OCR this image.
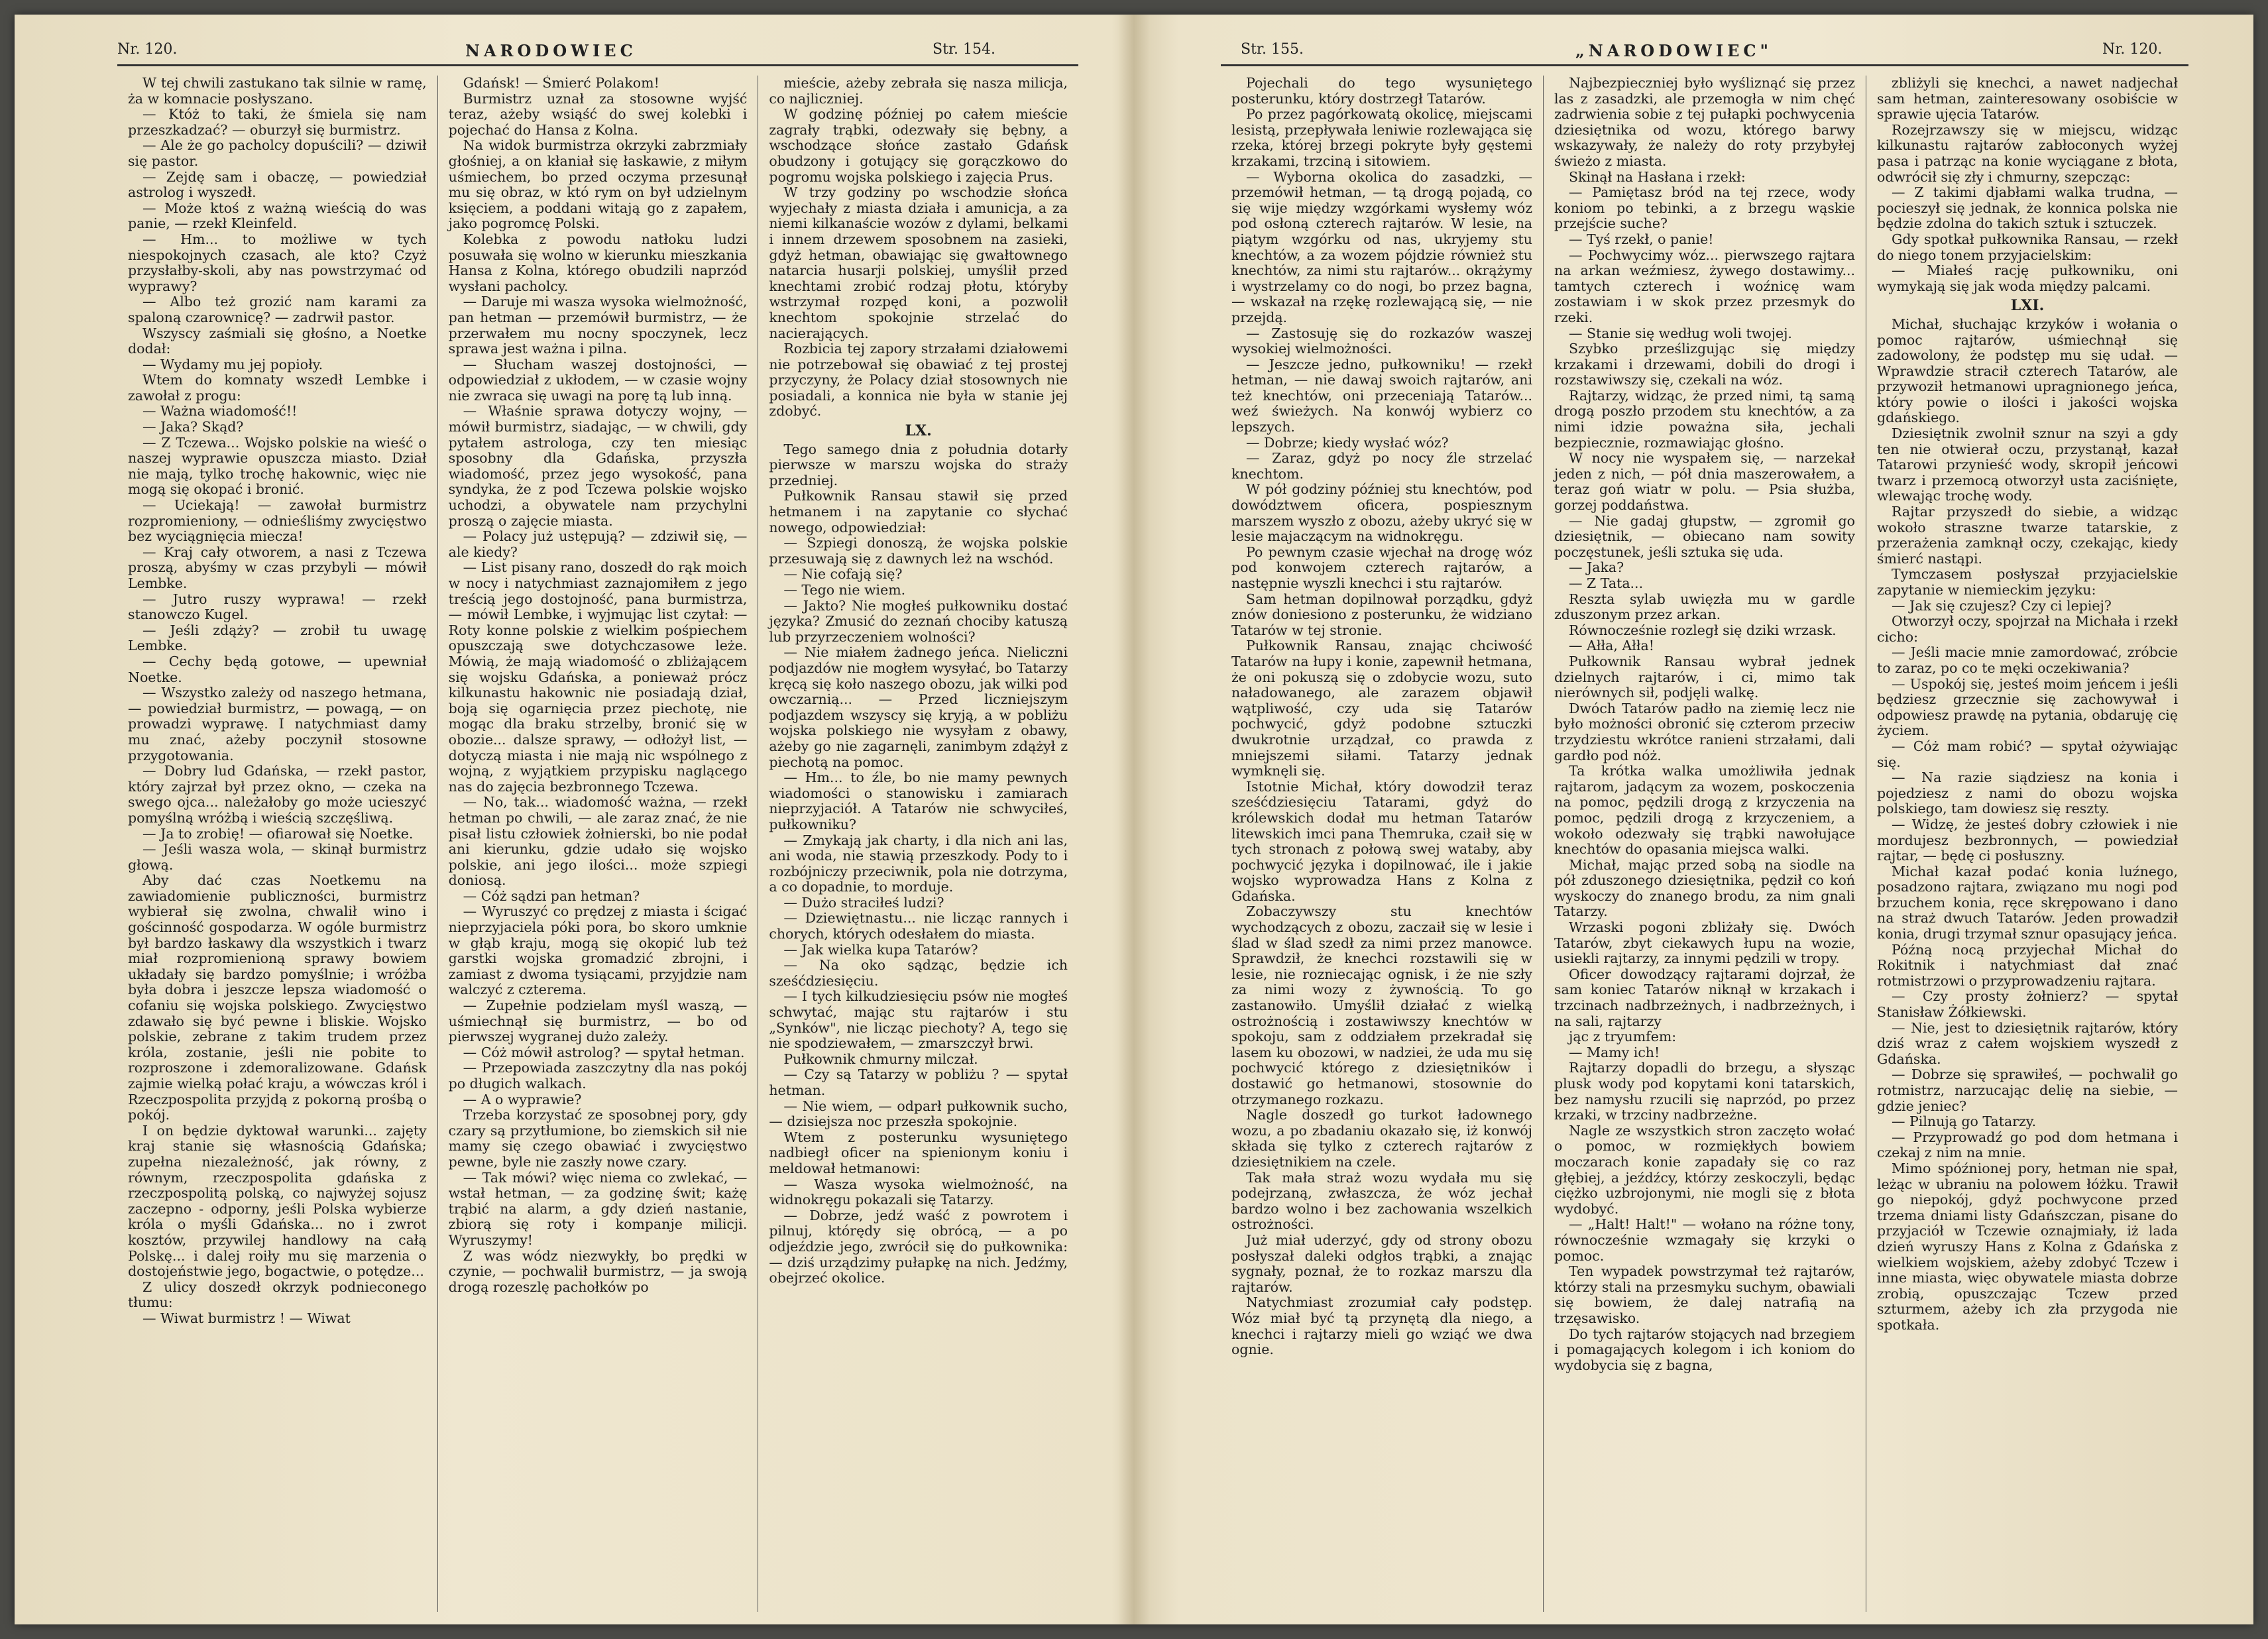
Nr. 120.	NARODOWIEC	Str. 154.

W tej chwili zastukano tak silnie w ramę, ża w komnacie posłyszano.

— Któż to taki, że śmiela się nam przeszkadzać? — oburzył się burmistrz.

— Ale że go pacholcy dopuścili? — dziwił się pastor.

— Zejdę sam i obaczę, — powiedział astrolog i wyszedł.

— Może ktoś z ważną wieścią do was panie, — rzekł Kleinfeld.

— Hm... to możliwe w tych niespokojnych czasach, ale kto? Czyż przysłałby-skoli, aby nas powstrzymać od wyprawy?

— Albo też grozić nam karami za spaloną czarownicę? — zadrwił pastor.

Wszyscy zaśmiali się głośno, a Noetke dodał:

— Wydamy mu jej popioły.

Wtem do komnaty wszedł Lembke i zawołał z progu:

— Ważna wiadomość!!

— Jaka? Skąd?

— Z Tczewa... Wojsko polskie na wieść o naszej wyprawie opuszcza miasto. Dział nie mają, tylko trochę hakownic, więc nie mogą się okopać i bronić.

— Uciekają! — zawołał burmistrz rozpromieniony, — odnieśliśmy zwycięstwo bez wyciągnięcia miecza!

— Kraj cały otworem, a nasi z Tczewa proszą, abyśmy w czas przybyli — mówił Lembke.

— Jutro ruszy wyprawa! — rzekł stanowczo Kugel.

— Jeśli zdąży? — zrobił tu uwagę Lembke.

— Cechy będą gotowe, — upewniał Noetke.

— Wszystko zależy od naszego hetmana, — powiedział burmistrz, — powagą, — on prowadzi wyprawę. I natychmiast damy mu znać, ażeby poczynił stosowne przygotowania.

— Dobry lud Gdańska, — rzekł pastor, który zajrzał był przez okno, — czeka na swego ojca... należałoby go może ucieszyć pomyślną wróżbą i wieścią szczęśliwą.

— Ja to zrobię! — ofiarował się Noetke.

— Jeśli wasza wola, — skinął burmistrz głową.

Aby dać czas Noetkemu na zawiadomienie publiczności, burmistrz wybierał się zwolna, chwalił wino i gościnność gospodarza. W ogóle burmistrz był bardzo łaskawy dla wszystkich i twarz miał rozpromienioną sprawy bowiem układały się bardzo pomyślnie; i wróżba była dobra i jeszcze lepsza wiadomość o cofaniu się wojska polskiego. Zwycięstwo zdawało się być pewne i bliskie. Wojsko polskie, zebrane z takim trudem przez króla, zostanie, jeśli nie pobite to rozproszone i zdemoralizowane. Gdańsk zajmie wielką połać kraju, a wówczas król i Rzeczpospolita przyjdą z pokorną prośbą o pokój.

I on będzie dyktował warunki... zajęty kraj stanie się własnością Gdańska; zupełna niezależność, jak równy, z równym, rzeczpospolita gdańska z rzeczpospolitą polską, co najwyżej sojusz zaczepno - odporny, jeśli Polska wybierze króla o myśli Gdańska... no i zwrot kosztów, przywilej handlowy na całą Polskę... i dalej roiły mu się marzenia o dostojeństwie jego, bogactwie, o potędze...

Z ulicy doszedł okrzyk podnieconego tłumu:

— Wiwat burmistrz ! — Wiwat

Gdańsk! — Śmierć Polakom!

Burmistrz uznał za stosowne wyjść teraz, ażeby wsiąść do swej kolebki i pojechać do Hansa z Kolna.

Na widok burmistrza okrzyki zabrzmiały głośniej, a on kłaniał się łaskawie, z miłym uśmiechem, bo przed oczyma przesunął mu się obraz, w któ rym on był udzielnym księciem, a poddani witają go z zapałem, jako pogromcę Polski.

Kolebka z powodu natłoku ludzi posuwała się wolno w kierunku mieszkania Hansa z Kolna, którego obudzili naprzód wysłani pacholcy.

— Daruje mi wasza wysoka wielmożność, pan hetman — przemówił burmistrz, — że przerwałem mu nocny spoczynek, lecz sprawa jest ważna i pilna.

— Słucham waszej dostojności, — odpowiedział z ukłodem, — w czasie wojny nie zwraca się uwagi na porę tą lub inną.

— Właśnie sprawa dotyczy wojny, — mówił burmistrz, siadając, — w chwili, gdy pytałem astrologa, czy ten miesiąc sposobny dla Gdańska, przyszła wiadomość, przez jego wysokość, pana syndyka, że z pod Tczewa polskie wojsko uchodzi, a obywatele nam przychylni proszą o zajęcie miasta.

— Polacy już ustępują? — zdziwił się, — ale kiedy?

— List pisany rano, doszedł do rąk moich w nocy i natychmiast zaznajomiłem z jego treścią jego dostojność, pana burmistrza, — mówił Lembke, i wyjmując list czytał: — Roty konne polskie z wielkim pośpiechem opuszczają swe dotychczasowe leże. Mówią, że mają wiadomość o zbliżającem się wojsku Gdańska, a ponieważ prócz kilkunastu hakownic nie posiadają dział, boją się ogarnięcia przez piechotę, nie mogąc dla braku strzelby, bronić się w obozie... dalsze sprawy, — odłożył list, — dotyczą miasta i nie mają nic wspólnego z wojną, z wyjątkiem przypisku naglącego nas do zajęcia bezbronnego Tczewa.

— No, tak... wiadomość ważna, — rzekł hetman po chwili, — ale zaraz znać, że nie pisał listu człowiek żołnierski, bo nie podał ani kierunku, gdzie udało się wojsko polskie, ani jego ilości... może szpiegi doniosą.

— Cóż sądzi pan hetman?

— Wyruszyć co prędzej z miasta i ścigać nieprzyjaciela póki pora, bo skoro umknie w głąb kraju, mogą się okopić lub też garstki wojska gromadzić zbrojni, i zamiast z dwoma tysiącami, przyjdzie nam walczyć z czterema.

— Zupełnie podzielam myśl waszą, — uśmiechnął się burmistrz, — bo od pierwszej wygranej dużo zależy.

— Cóż mówił astrolog? — spytał hetman.

— Przepowiada zaszczytny dla nas pokój po długich walkach.

— A o wyprawie?

Trzeba korzystać ze sposobnej pory, gdy czary są przytłumione, bo ziemskich sił nie mamy się czego obawiać i zwycięstwo pewne, byle nie zaszły nowe czary.

— Tak mówi? więc niema co zwlekać, — wstał hetman, — za godzinę świt; każę trąbić na alarm, a gdy dzień nastanie, zbiorą się roty i kompanje milicji. Wyruszymy!

Z was wódz niezwykły, bo prędki w czynie, — pochwalił burmistrz, — ja swoją drogą rozeszlę pachołków po

mieście, ażeby zebrała się nasza milicja, co najliczniej.

W godzinę później po całem mieście zagrały trąbki, odezwały się bębny, a wschodzące słońce zastało Gdańsk obudzony i gotujący się gorączkowo do pogromu wojska polskiego i zajęcia Prus.

W trzy godziny po wschodzie słońca wyjechały z miasta działa i amunicja, a za niemi kilkanaście wozów z dylami, belkami i innem drzewem sposobnem na zasieki, gdyż hetman, obawiając się gwałtownego natarcia husarji polskiej, umyślił przed knechtami zrobić rodzaj płotu, któryby wstrzymał rozpęd koni, a pozwolił knechtom spokojnie strzelać do nacierających.

Rozbicia tej zapory strzałami działowemi nie potrzebował się obawiać z tej prostej przyczyny, że Polacy dział stosownych nie posiadali, a konnica nie była w stanie jej zdobyć.

LX.

Tego samego dnia z południa dotarły pierwsze w marszu wojska do straży przedniej.

Pułkownik Ransau stawił się przed hetmanem i na zapytanie co słychać nowego, odpowiedział:

— Szpiegi donoszą, że wojska polskie przesuwają się z dawnych leż na wschód.

— Nie cofają się?

— Tego nie wiem.

— Jakto? Nie mogłeś pułkowniku dostać języka? Zmusić do zeznań chociby katuszą lub przyrzeczeniem wolności?

— Nie miałem żadnego jeńca. Nieliczni podjazdów nie mogłem wysyłać, bo Tatarzy kręcą się koło naszego obozu, jak wilki pod owczarnią... — Przed liczniejszym podjazdem wszyscy się kryją, a w pobliżu wojska polskiego nie wysyłam z obawy, ażeby go nie zagarnęli, zanimbym zdążył z piechotą na pomoc.

— Hm... to źle, bo nie mamy pewnych wiadomości o stanowisku i zamiarach nieprzyjaciół. A Tatarów nie schwyciłeś, pułkowniku?

— Zmykają jak charty, i dla nich ani las, ani woda, nie stawią przeszkody. Pody to i rozbójniczy przeciwnik, pola nie dotrzyma, a co dopadnie, to morduje.

— Dużo straciłeś ludzi?

— Dziewiętnastu... nie licząc rannych i chorych, których odesłałem do miasta.

— Jak wielka kupa Tatarów?

— Na oko sądząc, będzie ich sześćdziesięciu.

— I tych kilkudziesięciu psów nie mogłeś schwytać, mając stu rajtarów i stu „Synków", nie licząc piechoty? A, tego się nie spodziewałem, — zmarszczył brwi.

Pułkownik chmurny milczał.

— Czy są Tatarzy w pobliżu ? — spytał hetman.

— Nie wiem, — odparł pułkownik sucho, — dzisiejsza noc przeszła spokojnie.

Wtem z posterunku wysuniętego nadbiegł oficer na spienionym koniu i meldował hetmanowi:

— Wasza wysoka wielmożność, na widnokręgu pokazali się Tatarzy.

— Dobrze, jedź waść z powrotem i pilnuj, którędy się obrócą, — a po odjeździe jego, zwrócił się do pułkownika: — dziś urządzimy pułapkę na nich. Jedźmy, obejrzeć okolice.

Str. 155.	„NARODOWIEC"	Nr. 120.

Pojechali do tego wysuniętego posterunku, który dostrzegł Tatarów.

Po przez pagórkowatą okolicę, miejscami lesistą, przepływała leniwie rozlewająca się rzeka, której brzegi pokryte były gęstemi krzakami, trzciną i sitowiem.

— Wyborna okolica do zasadzki, — przemówił hetman, — tą drogą pojadą, co się wije między wzgórkami wysłemy wóz pod osłoną czterech rajtarów. W lesie, na piątym wzgórku od nas, ukryjemy stu knechtów, a za wozem pójdzie również stu knechtów, za nimi stu rajtarów... okrążymy i wystrzelamy co do nogi, bo przez bagna, — wskazał na rzękę rozlewającą się, — nie przejdą.

— Zastosuję się do rozkazów waszej wysokiej wielmożności.

— Jeszcze jedno, pułkowniku! — rzekł hetman, — nie dawaj swoich rajtarów, ani też knechtów, oni przeceniają Tatarów... weź świeżych. Na konwój wybierz co lepszych.

— Dobrze; kiedy wysłać wóz?

— Zaraz, gdyż po nocy źle strzelać knechtom.

W pół godziny później stu knechtów, pod dowództwem oficera, pospiesznym marszem wyszło z obozu, ażeby ukryć się w lesie majaczącym na widnokręgu.

Po pewnym czasie wjechał na drogę wóz pod konwojem czterech rajtarów, a następnie wyszli knechci i stu rajtarów.

Sam hetman dopilnował porządku, gdyż znów doniesiono z posterunku, że widziano Tatarów w tej stronie.

Pułkownik Ransau, znając chciwość Tatarów na łupy i konie, zapewnił hetmana, że oni pokuszą się o zdobycie wozu, suto naładowanego, ale zarazem objawił wątpliwość, czy uda się Tatarów pochwycić, gdyż podobne sztuczki dwukrotnie urządzał, co prawda z mniejszemi siłami. Tatarzy jednak wymknęli się.

Istotnie Michał, który dowodził teraz sześćdziesięciu Tatarami, gdyż do królewskich dodał mu hetman Tatarów litewskich imci pana Themruka, czaił się w tych stronach z połową swej wataby, aby pochwycić języka i dopilnować, ile i jakie wojsko wyprowadza Hans z Kolna z Gdańska.

Zobaczywszy stu knechtów wychodzących z obozu, zaczaił się w lesie i ślad w ślad szedł za nimi przez manowce. Sprawdził, że knechci rozstawili się w lesie, nie rozniecając ognisk, i że nie szły za nimi wozy z żywnością. To go zastanowiło. Umyślił działać z wielką ostrożnością i zostawiwszy knechtów w spokoju, sam z oddziałem przekradał się lasem ku obozowi, w nadziei, że uda mu się pochwycić którego z dziesiętników i dostawić go hetmanowi, stosownie do otrzymanego rozkazu.

Nagle doszedł go turkot ładownego wozu, a po zbadaniu okazało się, iż konwój składa się tylko z czterech rajtarów z dziesiętnikiem na czele.

Tak mała straż wozu wydała mu się podejrzaną, zwłaszcza, że wóz jechał bardzo wolno i bez zachowania wszelkich ostrożności.

Już miał uderzyć, gdy od strony obozu posłyszał daleki odgłos trąbki, a znając sygnały, poznał, że to rozkaz marszu dla rajtarów.

Natychmiast zrozumiał cały podstęp. Wóz miał być tą przynętą dla niego, a knechci i rajtarzy mieli go wziąć we dwa ognie.

Najbezpieczniej było wyśliznąć się przez las z zasadzki, ale przemogła w nim chęć zadrwienia sobie z tej pułapki pochwycenia dziesiętnika od wozu, którego barwy wskazywały, że należy do roty przybyłej świeżo z miasta.

Skinął na Hasłana i rzekł:

— Pamiętasz bród na tej rzece, wody koniom po tebinki, a z brzegu wąskie przejście suche?

— Tyś rzekł, o panie!

— Pochwycimy wóz... pierwszego rajtara na arkan weźmiesz, żywego dostawimy... tamtych czterech i woźnicę wam zostawiam i w skok przez przesmyk do rzeki.

— Stanie się według woli twojej.

Szybko prześlizgując się między krzakami i drzewami, dobili do drogi i rozstawiwszy się, czekali na wóz.

Rajtarzy, widząc, że przed nimi, tą samą drogą poszło przodem stu knechtów, a za nimi idzie poważna siła, jechali bezpiecznie, rozmawiając głośno.

W nocy nie wyspałem się, — narzekał jeden z nich, — pół dnia maszerowałem, a teraz goń wiatr w polu. — Psia służba, gorzej poddaństwa.

— Nie gadaj głupstw, — zgromił go dziesiętnik, — obiecano nam sowity poczęstunek, jeśli sztuka się uda.

— Jaka?

— Z Tata...

Reszta sylab uwięzła mu w gardle zduszonym przez arkan.

Równocześnie rozległ się dziki wrzask.

— Ałła, Ałła!

Pułkownik Ransau wybrał jednek dzielnych rajtarów, i ci, mimo tak nierównych sił, podjęli walkę.

Dwóch Tatarów padło na ziemię lecz nie było możności obronić się czterom przeciw trzydziestu wkrótce ranieni strzałami, dali gardło pod nóż.

Ta krótka walka umożliwiła jednak rajtarom, jadącym za wozem, poskoczenia na pomoc, pędzili drogą z krzyczenia na pomoc, pędzili drogą z krzyczeniem, a wokoło odezwały się trąbki nawołujące knechtów do opasania miejsca walki.

Michał, mając przed sobą na siodle na pół zduszonego dziesiętnika, pędził co koń wyskoczy do znanego brodu, za nim gnali Tatarzy.

Wrzaski pogoni zbliżały się. Dwóch Tatarów, zbyt ciekawych łupu na wozie, usiekli rajtarzy, za innymi pędzili w tropy.

Oficer dowodzący rajtarami dojrzał, że sam koniec Tatarów niknął w krzakach i trzcinach nadbrzeżnych, i nadbrzeżnych, i na sali, rajtarzy

jąc z tryumfem:

— Mamy ich!

Rajtarzy dopadli do brzegu, a słysząc plusk wody pod kopytami koni tatarskich, bez namysłu rzucili się naprzód, po przez krzaki, w trzciny nadbrzeżne.

Nagle ze wszystkich stron zaczęto wołać o pomoc, w rozmiękłych bowiem moczarach konie zapadały się co raz głębiej, a jeźdźcy, którzy zeskoczyli, będąc ciężko uzbrojonymi, nie mogli się z błota wydobyć.

— „Halt! Halt!" — wołano na różne tony, równocześnie wzmagały się krzyki o pomoc.

Ten wypadek powstrzymał też rajtarów, którzy stali na przesmyku suchym, obawiali się bowiem, że dalej natrafią na trzęsawisko.

Do tych rajtarów stojących nad brzegiem i pomagających kolegom i ich koniom do wydobycia się z bagna,

zbliżyli się knechci, a nawet nadjechał sam hetman, zainteresowany osobiście w sprawie ujęcia Tatarów.

Rozejrzawszy się w miejscu, widząc kilkunastu rajtarów zabłoconych wyżej pasa i patrząc na konie wyciągane z błota, odwrócił się zły i chmurny, szepcząc:

— Z takimi djabłami walka trudna, — pocieszył się jednak, że konnica polska nie będzie zdolna do takich sztuk i sztuczek.

Gdy spotkał pułkownika Ransau, — rzekł do niego tonem przyjacielskim:

— Miałeś rację pułkowniku, oni wymykają się jak woda między palcami.

LXI.

Michał, słuchając krzyków i wołania o pomoc rajtarów, uśmiechnął się zadowolony, że podstęp mu się udał. — Wprawdzie stracił czterech Tatarów, ale przywoził hetmanowi upragnionego jeńca, który powie o ilości i jakości wojska gdańskiego.

Dziesiętnik zwolnił sznur na szyi a gdy ten nie otwierał oczu, przystanął, kazał Tatarowi przynieść wody, skropił jeńcowi twarz i przemocą otworzył usta zaciśnięte, wlewając trochę wody.

Rajtar przyszedł do siebie, a widząc wokoło straszne twarze tatarskie, z przerażenia zamknął oczy, czekając, kiedy śmierć nastąpi.

Tymczasem posłyszał przyjacielskie zapytanie w niemieckim języku:

— Jak się czujesz? Czy ci lepiej?

Otworzył oczy, spojrzał na Michała i rzekł cicho:

— Jeśli macie mnie zamordować, zróbcie to zaraz, po co te męki oczekiwania?

— Uspokój się, jesteś moim jeńcem i jeśli będziesz grzecznie się zachowywał i odpowiesz prawdę na pytania, obdaruję cię życiem.

— Cóż mam robić? — spytał ożywiając się.

— Na razie siądziesz na konia i pojedziesz z nami do obozu wojska polskiego, tam dowiesz się reszty.

— Widzę, że jesteś dobry człowiek i nie mordujesz bezbronnych, — powiedział rajtar, — będę ci posłuszny.

Michał kazał podać konia luźnego, posadzono rajtara, związano mu nogi pod brzuchem konia, ręce skrępowano i dano na straż dwuch Tatarów. Jeden prowadził konia, drugi trzymał sznur opasujący jeńca.

Późną nocą przyjechał Michał do Rokitnik i natychmiast dał znać rotmistrzowi o przyprowadzeniu rajtara.

— Czy prosty żołnierz? — spytał Stanisław Żółkiewski.

— Nie, jest to dziesiętnik rajtarów, który dziś wraz z całem wojskiem wyszedł z Gdańska.

— Dobrze się sprawiłeś, — pochwalił go rotmistrz, narzucając delię na siebie, — gdzie jeniec?

— Pilnują go Tatarzy.

— Przyprowadź go pod dom hetmana i czekaj z nim na mnie.

Mimo spóźnionej pory, hetman nie spał, leżąc w ubraniu na polowem łóżku. Trawił go niepokój, gdyż pochwycone przed trzema dniami listy Gdańszczan, pisane do przyjaciół w Tczewie oznajmiały, iż lada dzień wyruszy Hans z Kolna z Gdańska z wielkiem wojskiem, ażeby zdobyć Tczew i inne miasta, więc obywatele miasta dobrze zrobią, opuszczając Tczew przed szturmem, ażeby ich zła przygoda nie spotkała.
